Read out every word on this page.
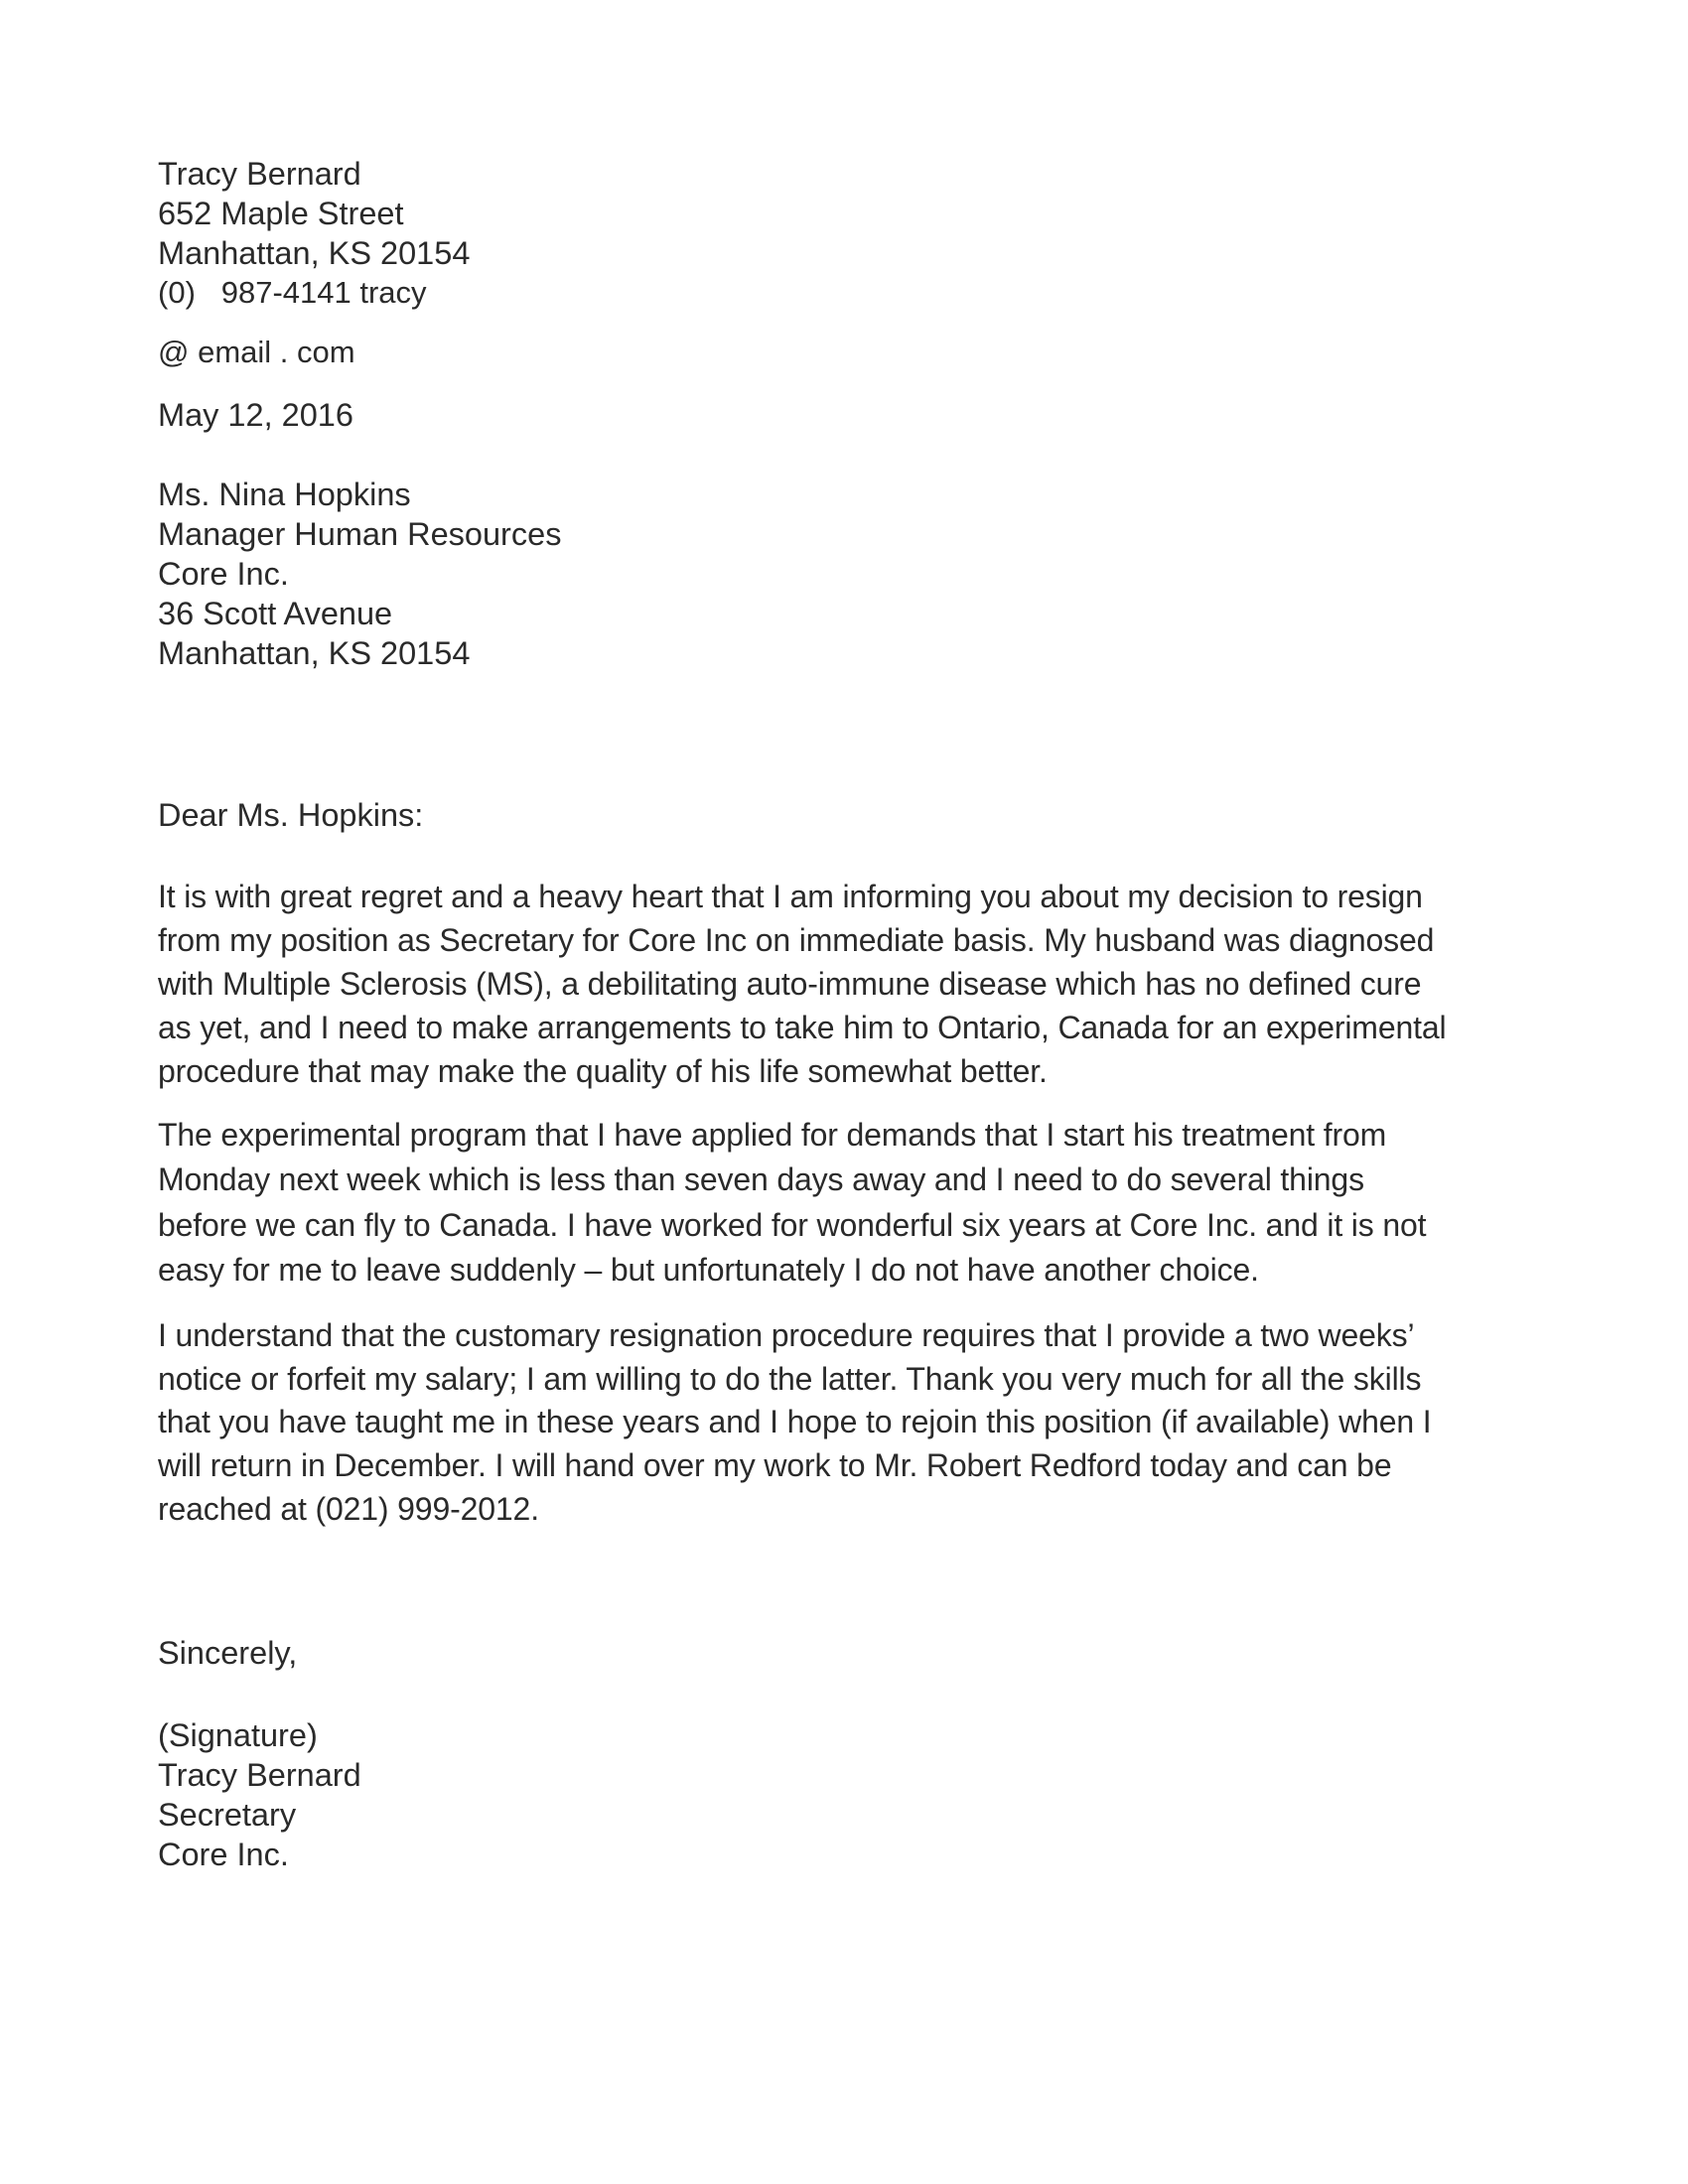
Tracy Bernard
652 Maple Street
Manhattan, KS 20154
(0)   987-4141 tracy
@ email . com
May 12, 2016
Ms. Nina Hopkins
Manager Human Resources
Core Inc.
36 Scott Avenue
Manhattan, KS 20154
Dear Ms. Hopkins:
It is with great regret and a heavy heart that I am informing you about my decision to resign
from my position as Secretary for Core Inc on immediate basis. My husband was diagnosed
with Multiple Sclerosis (MS), a debilitating auto-immune disease which has no defined cure
as yet, and I need to make arrangements to take him to Ontario, Canada for an experimental
procedure that may make the quality of his life somewhat better.
The experimental program that I have applied for demands that I start his treatment from
Monday next week which is less than seven days away and I need to do several things
before we can fly to Canada. I have worked for wonderful six years at Core Inc. and it is not
easy for me to leave suddenly – but unfortunately I do not have another choice.
I understand that the customary resignation procedure requires that I provide a two weeks’
notice or forfeit my salary; I am willing to do the latter. Thank you very much for all the skills
that you have taught me in these years and I hope to rejoin this position (if available) when I
will return in December. I will hand over my work to Mr. Robert Redford today and can be
reached at (021) 999-2012.
Sincerely,
(Signature)
Tracy Bernard
Secretary
Core Inc.
